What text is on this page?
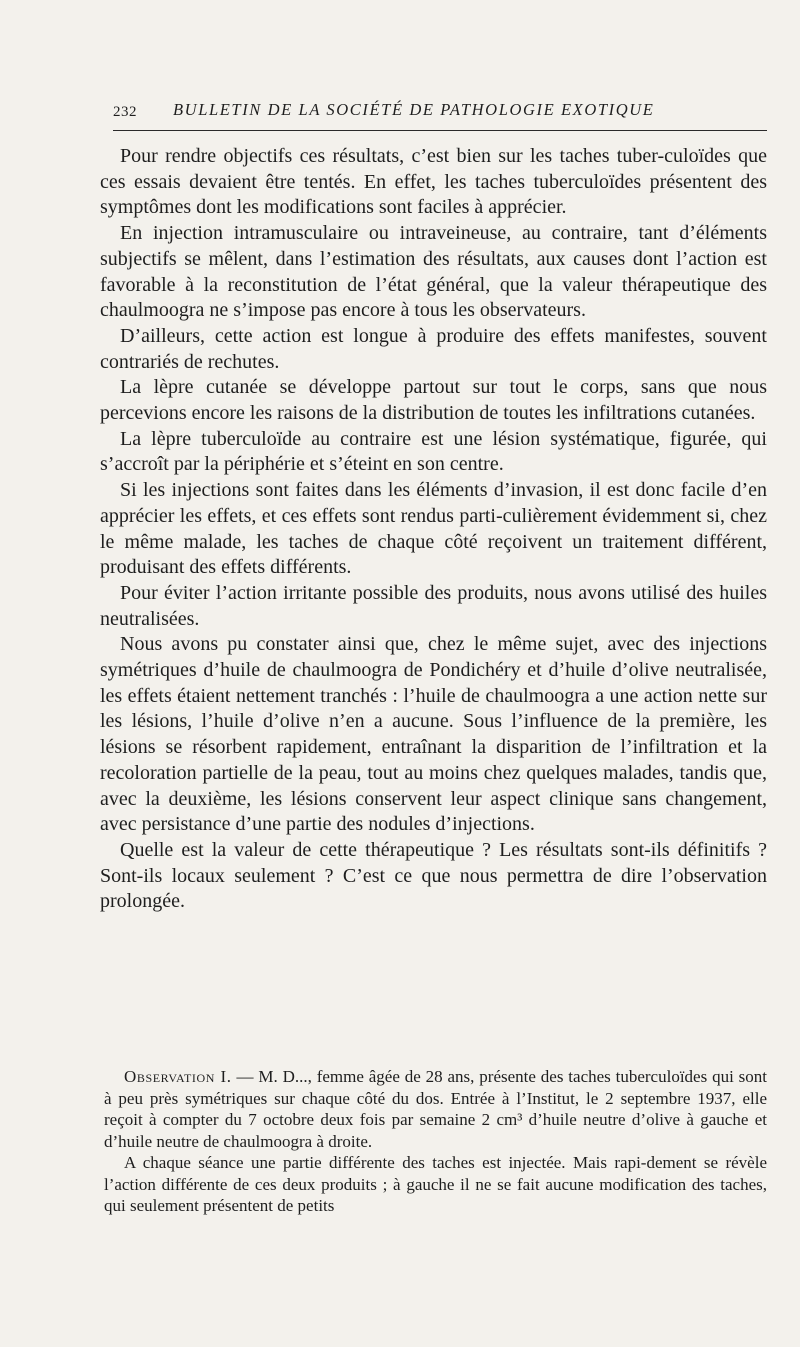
232 BULLETIN DE LA SOCIÉTÉ DE PATHOLOGIE EXOTIQUE

Pour rendre objectifs ces résultats, c’est bien sur les taches tuber-culoïdes que ces essais devaient être tentés. En effet, les taches tuberculoïdes présentent des symptômes dont les modifications sont faciles à apprécier.

En injection intramusculaire ou intraveineuse, au contraire, tant d’éléments subjectifs se mêlent, dans l’estimation des résultats, aux causes dont l’action est favorable à la reconstitution de l’état général, que la valeur thérapeutique des chaulmoogra ne s’impose pas encore à tous les observateurs.

D’ailleurs, cette action est longue à produire des effets manifestes, souvent contrariés de rechutes.

La lèpre cutanée se développe partout sur tout le corps, sans que nous percevions encore les raisons de la distribution de toutes les infiltrations cutanées.

La lèpre tuberculoïde au contraire est une lésion systématique, figurée, qui s’accroît par la périphérie et s’éteint en son centre.

Si les injections sont faites dans les éléments d’invasion, il est donc facile d’en apprécier les effets, et ces effets sont rendus parti-culièrement évidemment si, chez le même malade, les taches de chaque côté reçoivent un traitement différent, produisant des effets différents.

Pour éviter l’action irritante possible des produits, nous avons utilisé des huiles neutralisées.

Nous avons pu constater ainsi que, chez le même sujet, avec des injections symétriques d’huile de chaulmoogra de Pondichéry et d’huile d’olive neutralisée, les effets étaient nettement tranchés : l’huile de chaulmoogra a une action nette sur les lésions, l’huile d’olive n’en a aucune. Sous l’influence de la première, les lésions se résorbent rapidement, entraînant la disparition de l’infiltration et la recoloration partielle de la peau, tout au moins chez quelques malades, tandis que, avec la deuxième, les lésions conservent leur aspect clinique sans changement, avec persistance d’une partie des nodules d’injections.

Quelle est la valeur de cette thérapeutique ? Les résultats sont-ils définitifs ? Sont-ils locaux seulement ? C’est ce que nous permettra de dire l’observation prolongée.

Observation I. — M. D..., femme âgée de 28 ans, présente des taches tuberculoïdes qui sont à peu près symétriques sur chaque côté du dos. Entrée à l’Institut, le 2 septembre 1937, elle reçoit à compter du 7 octobre deux fois par semaine 2 cm³ d’huile neutre d’olive à gauche et d’huile neutre de chaulmoogra à droite.

A chaque séance une partie différente des taches est injectée. Mais rapi-dement se révèle l’action différente de ces deux produits ; à gauche il ne se fait aucune modification des taches, qui seulement présentent de petits
